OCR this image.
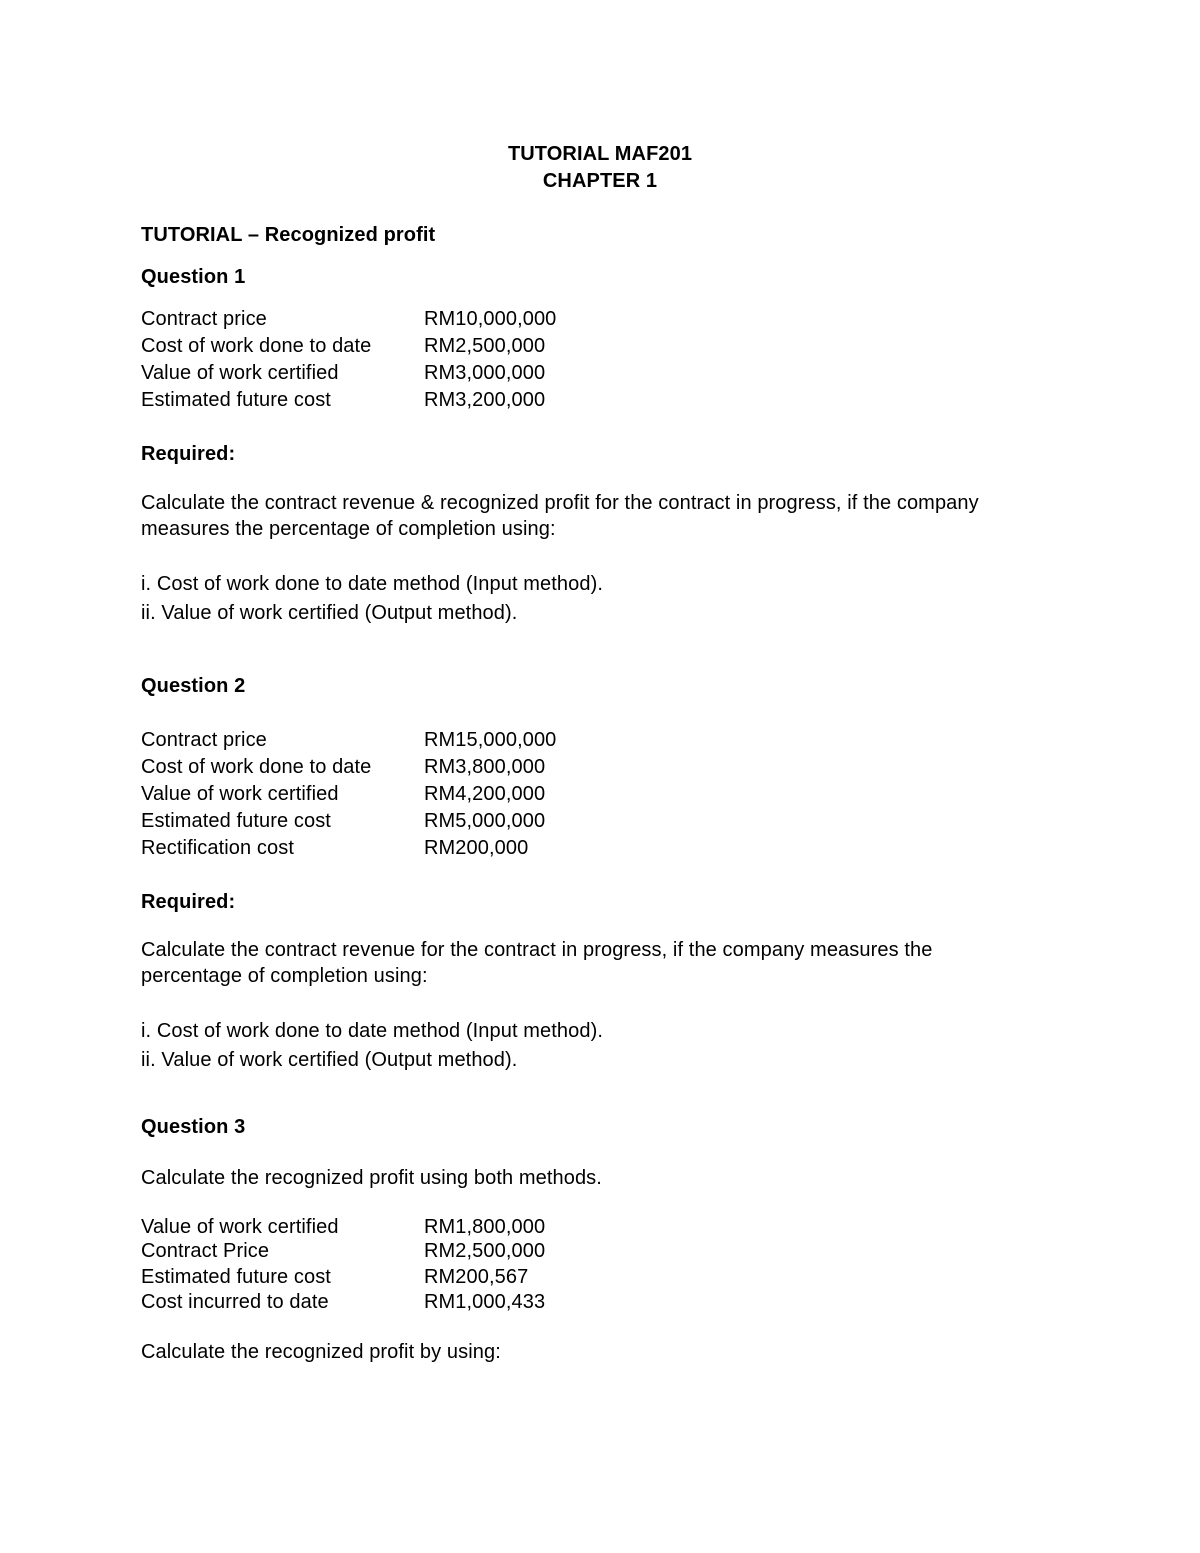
TUTORIAL MAF201
CHAPTER 1
TUTORIAL – Recognized profit
Question 1
Contract price	RM10,000,000
Cost of work done to date	RM2,500,000
Value of work certified	RM3,000,000
Estimated future cost	RM3,200,000
Required:
Calculate the contract revenue & recognized profit for the contract in progress, if the company
measures the percentage of completion using:
i. Cost of work done to date method (Input method).
ii. Value of work certified (Output method).
Question 2
Contract price	RM15,000,000
Cost of work done to date	RM3,800,000
Value of work certified	RM4,200,000
Estimated future cost	RM5,000,000
Rectification cost	RM200,000
Required:
Calculate the contract revenue for the contract in progress, if the company measures the
percentage of completion using:
i. Cost of work done to date method (Input method).
ii. Value of work certified (Output method).
Question 3
Calculate the recognized profit using both methods.
Value of work certified	RM1,800,000
Contract Price	RM2,500,000
Estimated future cost	RM200,567
Cost incurred to date	RM1,000,433
Calculate the recognized profit by using:
